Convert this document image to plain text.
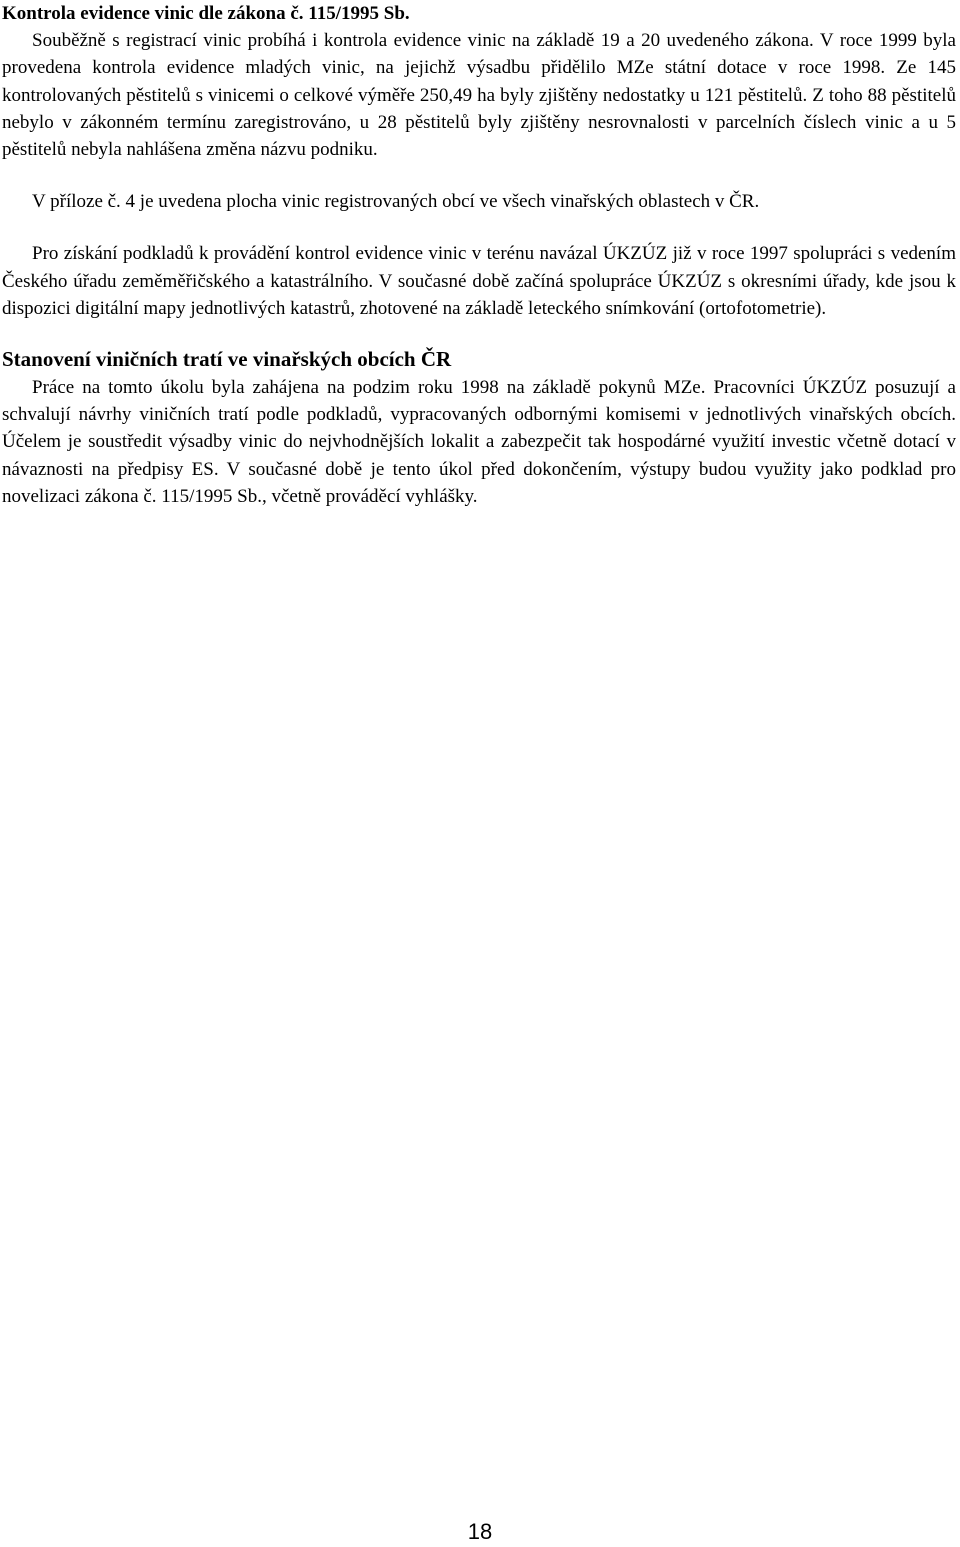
Kontrola evidence vinic dle zákona č. 115/1995 Sb.

Souběžně s registrací vinic probíhá i kontrola evidence vinic na základě 19 a 20 uvedeného zákona. V roce 1999 byla provedena kontrola evidence mladých vinic, na jejichž výsadbu přidělilo MZe státní dotace v roce 1998. Ze 145 kontrolovaných pěstitelů s vinicemi o celkové výměře 250,49 ha byly zjištěny nedostatky u 121 pěstitelů. Z toho 88 pěstitelů nebylo v zákonném termínu zaregistrováno, u 28 pěstitelů byly zjištěny nesrovnalosti v parcelních číslech vinic a u 5 pěstitelů nebyla nahlášena změna názvu podniku.

V příloze č. 4 je uvedena plocha vinic registrovaných obcí ve všech vinařských oblastech v ČR.

Pro získání podkladů k provádění kontrol evidence vinic v terénu navázal ÚKZÚZ již v roce 1997 spolupráci s vedením Českého úřadu zeměměřičského a katastrálního. V současné době začíná spolupráce ÚKZÚZ s okresními úřady, kde jsou k dispozici digitální mapy jednotlivých katastrů, zhotovené na základě leteckého snímkování (ortofotometrie).

Stanovení viničních tratí ve vinařských obcích ČR

Práce na tomto úkolu byla zahájena na podzim roku 1998 na základě pokynů MZe. Pracovníci ÚKZÚZ posuzují a schvalují návrhy viničních tratí podle podkladů, vypracovaných odbornými komisemi v jednotlivých vinařských obcích. Účelem je soustředit výsadby vinic do nejvhodnějších lokalit a zabezpečit tak hospodárné využití investic včetně dotací v návaznosti na předpisy ES. V současné době je tento úkol před dokončením, výstupy budou využity jako podklad pro novelizaci zákona č. 115/1995 Sb., včetně prováděcí vyhlášky.

18
